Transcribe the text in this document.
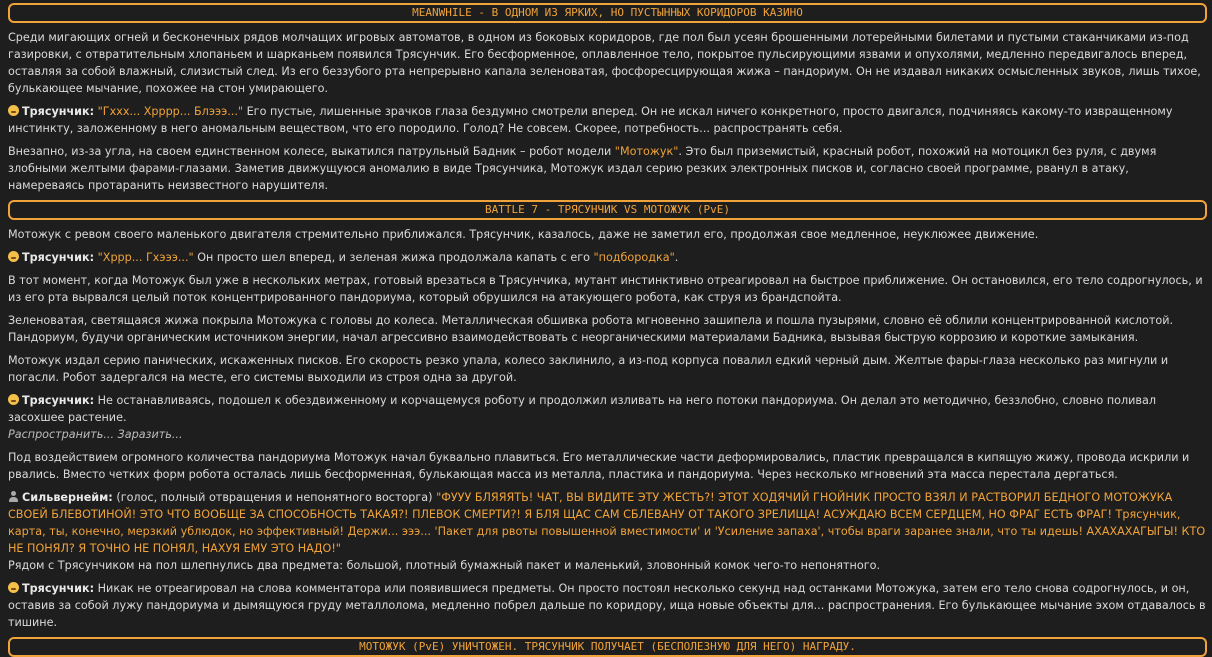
MEANWHILE - В ОДНОМ ИЗ ЯРКИХ, НО ПУСТЫННЫХ КОРИДОРОВ КАЗИНО

Среди мигающих огней и бесконечных рядов молчащих игровых автоматов, в одном из боковых коридоров, где пол был усеян брошенными лотерейными билетами и пустыми стаканчиками из-под газировки, с отвратительным хлопаньем и шарканьем появился Трясунчик. Его бесформенное, оплавленное тело, покрытое пульсирующими язвами и опухолями, медленно передвигалось вперед, оставляя за собой влажный, слизистый след. Из его беззубого рта непрерывно капала зеленоватая, фосфоресцирующая жижа – пандориум. Он не издавал никаких осмысленных звуков, лишь тихое, булькающее мычание, похожее на стон умирающего.

Трясунчик: "Гххх... Хрррр... Блэээ..." Его пустые, лишенные зрачков глаза бездумно смотрели вперед. Он не искал ничего конкретного, просто двигался, подчиняясь какому-то извращенному инстинкту, заложенному в него аномальным веществом, что его породило. Голод? Не совсем. Скорее, потребность... распространять себя.

Внезапно, из-за угла, на своем единственном колесе, выкатился патрульный Бадник – робот модели "Мотожук". Это был приземистый, красный робот, похожий на мотоцикл без руля, с двумя злобными желтыми фарами-глазами. Заметив движущуюся аномалию в виде Трясунчика, Мотожук издал серию резких электронных писков и, согласно своей программе, рванул в атаку, намереваясь протаранить неизвестного нарушителя.

BATTLE 7 - ТРЯСУНЧИК VS МОТОЖУК (PvE)

Мотожук с ревом своего маленького двигателя стремительно приближался. Трясунчик, казалось, даже не заметил его, продолжая свое медленное, неуклюжее движение.

Трясунчик: "Хррр... Гхэээ..." Он просто шел вперед, и зеленая жижа продолжала капать с его "подбородка".

В тот момент, когда Мотожук был уже в нескольких метрах, готовый врезаться в Трясунчика, мутант инстинктивно отреагировал на быстрое приближение. Он остановился, его тело содрогнулось, и из его рта вырвался целый поток концентрированного пандориума, который обрушился на атакующего робота, как струя из брандспойта.

Зеленоватая, светящаяся жижа покрыла Мотожука с головы до колеса. Металлическая обшивка робота мгновенно зашипела и пошла пузырями, словно её облили концентрированной кислотой. Пандориум, будучи органическим источником энергии, начал агрессивно взаимодействовать с неорганическими материалами Бадника, вызывая быструю коррозию и короткие замыкания.

Мотожук издал серию панических, искаженных писков. Его скорость резко упала, колесо заклинило, а из-под корпуса повалил едкий черный дым. Желтые фары-глаза несколько раз мигнули и погасли. Робот задергался на месте, его системы выходили из строя одна за другой.

Трясунчик: Не останавливаясь, подошел к обездвиженному и корчащемуся роботу и продолжил изливать на него потоки пандориума. Он делал это методично, беззлобно, словно поливал засохшее растение.
Распространить... Заразить...

Под воздействием огромного количества пандориума Мотожук начал буквально плавиться. Его металлические части деформировались, пластик превращался в кипящую жижу, провода искрили и рвались. Вместо четких форм робота осталась лишь бесформенная, булькающая масса из металла, пластика и пандориума. Через несколько мгновений эта масса перестала дергаться.

Сильвернейм: (голос, полный отвращения и непонятного восторга) "ФУУУ БЛЯЯЯТЬ! ЧАТ, ВЫ ВИДИТЕ ЭТУ ЖЕСТЬ?! ЭТОТ ХОДЯЧИЙ ГНОЙНИК ПРОСТО ВЗЯЛ И РАСТВОРИЛ БЕДНОГО МОТОЖУКА СВОЕЙ БЛЕВОТИНОЙ! ЭТО ЧТО ВООБЩЕ ЗА СПОСОБНОСТЬ ТАКАЯ?! ПЛЕВОК СМЕРТИ?! Я БЛЯ ЩАС САМ СБЛЕВАНУ ОТ ТАКОГО ЗРЕЛИЩА! АСУЖДАЮ ВСЕМ СЕРДЦЕМ, НО ФРАГ ЕСТЬ ФРАГ! Трясунчик, карта, ты, конечно, мерзкий ублюдок, но эффективный! Держи... эээ... 'Пакет для рвоты повышенной вместимости' и 'Усиление запаха', чтобы враги заранее знали, что ты идешь! АХАХАХАГЫГЫ! КТО НЕ ПОНЯЛ? Я ТОЧНО НЕ ПОНЯЛ, НАХУЯ ЕМУ ЭТО НАДО!"
Рядом с Трясунчиком на пол шлепнулись два предмета: большой, плотный бумажный пакет и маленький, зловонный комок чего-то непонятного.

Трясунчик: Никак не отреагировал на слова комментатора или появившиеся предметы. Он просто постоял несколько секунд над останками Мотожука, затем его тело снова содрогнулось, и он, оставив за собой лужу пандориума и дымящуюся груду металлолома, медленно побрел дальше по коридору, ища новые объекты для... распространения. Его булькающее мычание эхом отдавалось в тишине.

МОТОЖУК (PvE) УНИЧТОЖЕН. ТРЯСУНЧИК ПОЛУЧАЕТ (БЕСПОЛЕЗНУЮ ДЛЯ НЕГО) НАГРАДУ.
